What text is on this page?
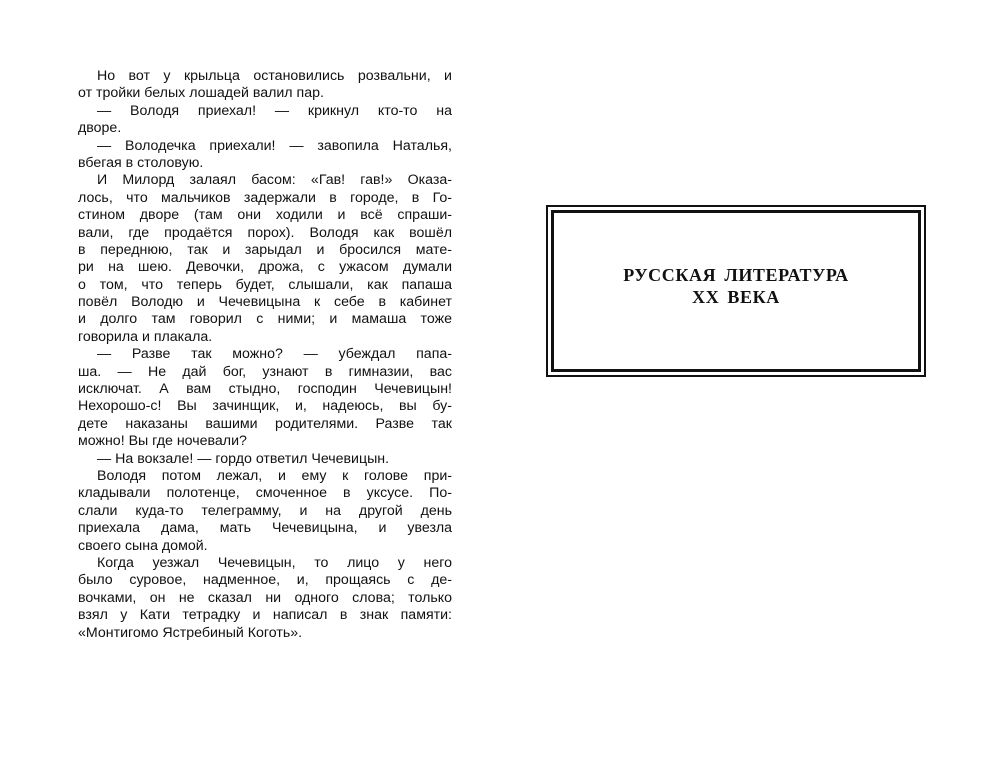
Но вот у крыльца остановились розвальни, и
от тройки белых лошадей валил пар.
— Володя приехал! — крикнул кто-то на
дворе.
— Володечка приехали! — завопила Наталья,
вбегая в столовую.
И Милорд залаял басом: «Гав! гав!» Оказа-
лось, что мальчиков задержали в городе, в Го-
стином дворе (там они ходили и всё спраши-
вали, где продаётся порох). Володя как вошёл
в переднюю, так и зарыдал и бросился мате-
ри на шею. Девочки, дрожа, с ужасом думали
о том, что теперь будет, слышали, как папаша
повёл Володю и Чечевицына к себе в кабинет
и долго там говорил с ними; и мамаша тоже
говорила и плакала.
— Разве так можно? — убеждал папа-
ша. — Не дай бог, узнают в гимназии, вас
исключат. А вам стыдно, господин Чечевицын!
Нехорошо-с! Вы зачинщик, и, надеюсь, вы бу-
дете наказаны вашими родителями. Разве так
можно! Вы где ночевали?
— На вокзале! — гордо ответил Чечевицын.
Володя потом лежал, и ему к голове при-
кладывали полотенце, смоченное в уксусе. По-
слали куда-то телеграмму, и на другой день
приехала дама, мать Чечевицына, и увезла
своего сына домой.
Когда уезжал Чечевицын, то лицо у него
было суровое, надменное, и, прощаясь с де-
вочками, он не сказал ни одного слова; только
взял у Кати тетрадку и написал в знак памяти:
«Монтигомо Ястребиный Коготь».
РУССКАЯ ЛИТЕРАТУРА
XX ВЕКА
